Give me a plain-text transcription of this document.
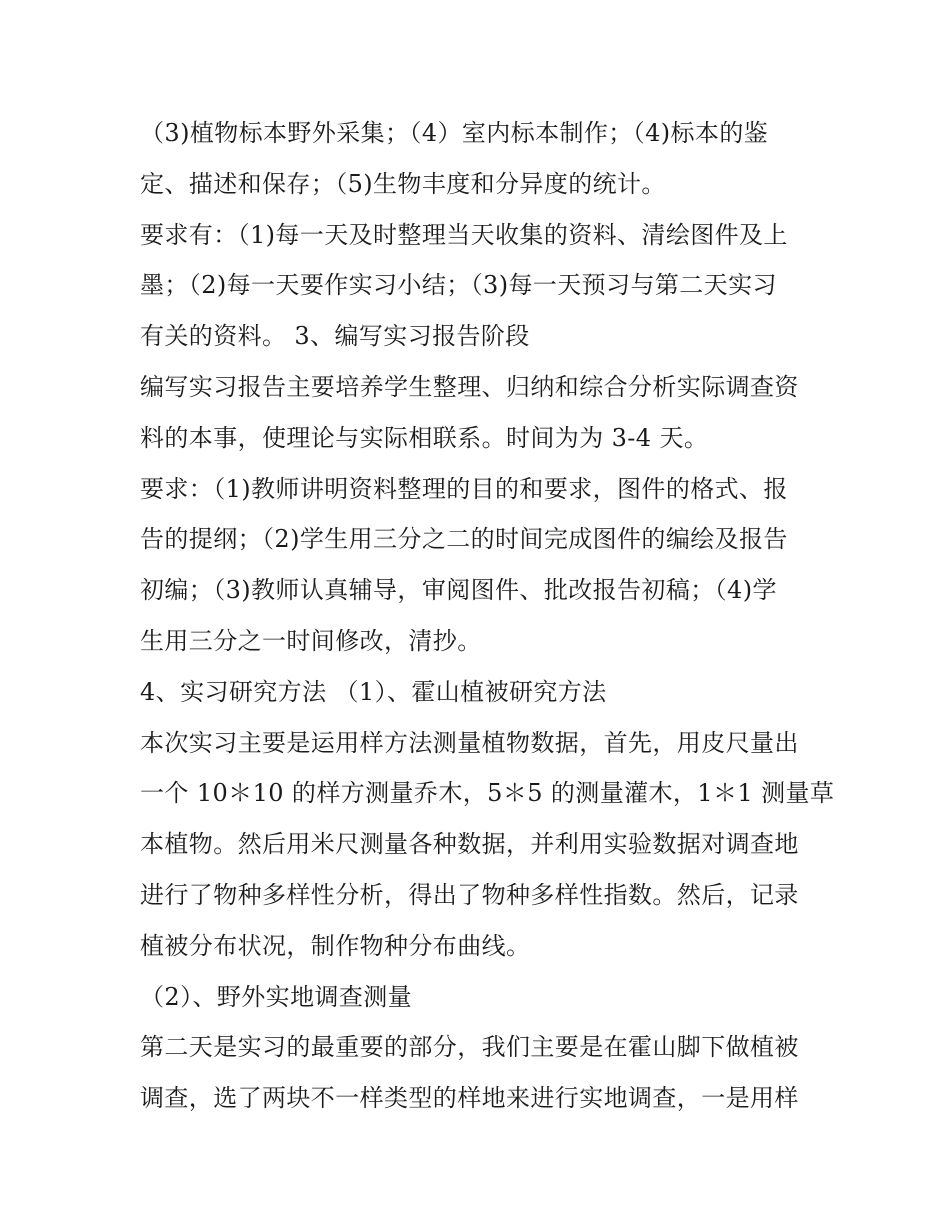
（3)植物标本野外采集；（4）室内标本制作；（4)标本的鉴
定、描述和保存；（5)生物丰度和分异度的统计。
要求有：（1)每一天及时整理当天收集的资料、清绘图件及上
墨；（2)每一天要作实习小结；（3)每一天预习与第二天实习
有关的资料。 3、编写实习报告阶段
编写实习报告主要培养学生整理、归纳和综合分析实际调查资
料的本事，使理论与实际相联系。时间为为 3-4 天。
要求：（1)教师讲明资料整理的目的和要求，图件的格式、报
告的提纲；（2)学生用三分之二的时间完成图件的编绘及报告
初编；（3)教师认真辅导，审阅图件、批改报告初稿；（4)学
生用三分之一时间修改，清抄。
4、实习研究方法 （1）、霍山植被研究方法
本次实习主要是运用样方法测量植物数据，首先，用皮尺量出
一个 10＊10 的样方测量乔木，5＊5 的测量灌木，1＊1 测量草
本植物。然后用米尺测量各种数据，并利用实验数据对调查地
进行了物种多样性分析，得出了物种多样性指数。然后，记录
植被分布状况，制作物种分布曲线。
（2）、野外实地调查测量
第二天是实习的最重要的部分，我们主要是在霍山脚下做植被
调查，选了两块不一样类型的样地来进行实地调查，一是用样
